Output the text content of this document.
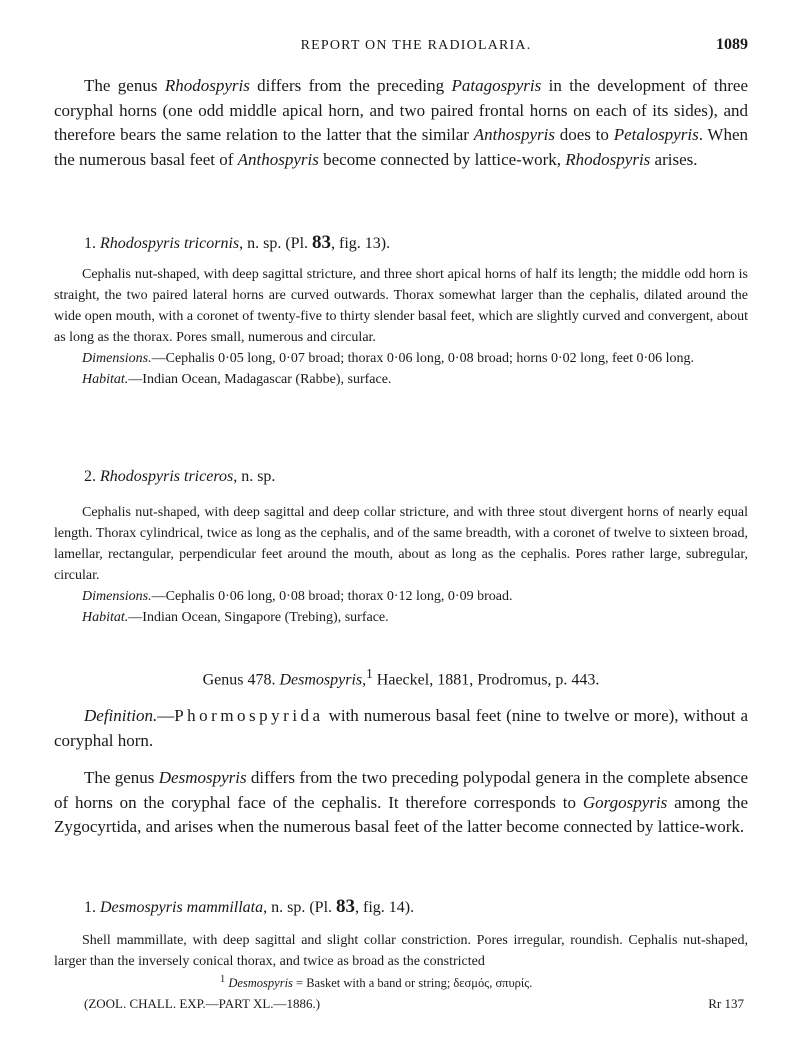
REPORT ON THE RADIOLARIA.	1089

The genus Rhodospyris differs from the preceding Patagospyris in the development of three coryphal horns (one odd middle apical horn, and two paired frontal horns on each of its sides), and therefore bears the same relation to the latter that the similar Anthospyris does to Petalospyris. When the numerous basal feet of Anthospyris become connected by lattice-work, Rhodospyris arises.

1. Rhodospyris tricornis, n. sp. (Pl. 83, fig. 13).

Cephalis nut-shaped, with deep sagittal stricture, and three short apical horns of half its length; the middle odd horn is straight, the two paired lateral horns are curved outwards. Thorax somewhat larger than the cephalis, dilated around the wide open mouth, with a coronet of twenty-five to thirty slender basal feet, which are slightly curved and convergent, about as long as the thorax. Pores small, numerous and circular.

Dimensions.—Cephalis 0·05 long, 0·07 broad; thorax 0·06 long, 0·08 broad; horns 0·02 long, feet 0·06 long.

Habitat.—Indian Ocean, Madagascar (Rabbe), surface.

2. Rhodospyris triceros, n. sp.

Cephalis nut-shaped, with deep sagittal and deep collar stricture, and with three stout divergent horns of nearly equal length. Thorax cylindrical, twice as long as the cephalis, and of the same breadth, with a coronet of twelve to sixteen broad, lamellar, rectangular, perpendicular feet around the mouth, about as long as the cephalis. Pores rather large, subregular, circular.

Dimensions.—Cephalis 0·06 long, 0·08 broad; thorax 0·12 long, 0·09 broad.

Habitat.—Indian Ocean, Singapore (Trebing), surface.

Genus 478. Desmospyris,$^1$ Haeckel, 1881, Prodromus, p. 443.

Definition.—Phormospyrida with numerous basal feet (nine to twelve or more), without a coryphal horn.

The genus Desmospyris differs from the two preceding polypodal genera in the complete absence of horns on the coryphal face of the cephalis. It therefore corresponds to Gorgospyris among the Zygocyrtida, and arises when the numerous basal feet of the latter become connected by lattice-work.

1. Desmospyris mammillata, n. sp. (Pl. 83, fig. 14).

Shell mammillate, with deep sagittal and slight collar constriction. Pores irregular, roundish. Cephalis nut-shaped, larger than the inversely conical thorax, and twice as broad as the constricted

$^1$ Desmospyris = Basket with a band or string; δεσμός, σπυρίς.
(ZOOL. CHALL. EXP.—PART XL.—1886.)	Rr 137
